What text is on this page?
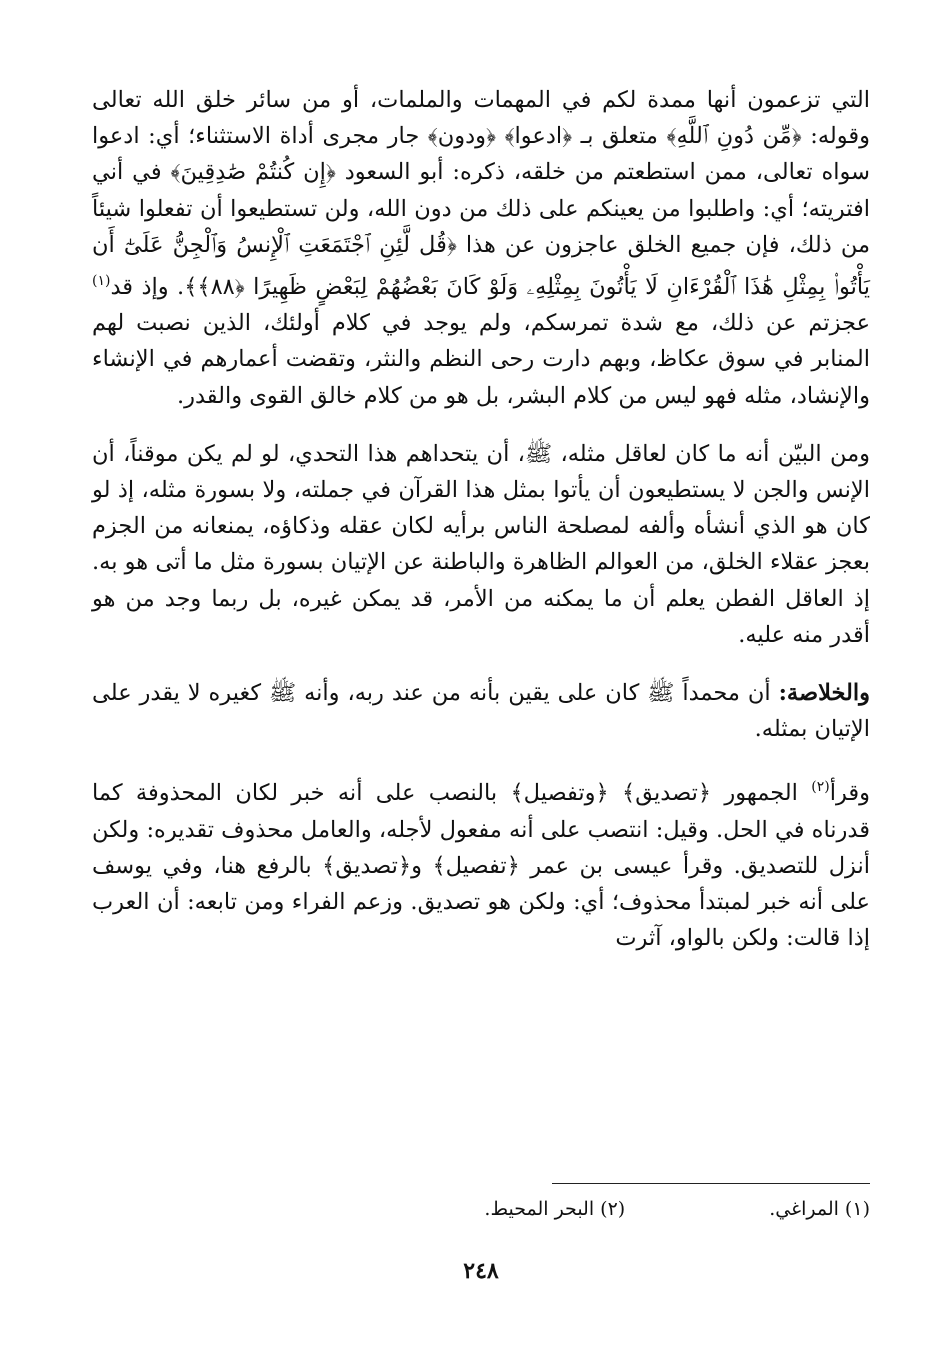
التي تزعمون أنها ممدة لكم في المهمات والملمات، أو من سائر خلق الله تعالى وقوله: ﴿مِّن دُونِ ٱللَّهِ﴾ متعلق بـ ﴿ادعوا﴾ ﴿ودون﴾ جار مجرى أداة الاستثناء؛ أي: ادعوا سواه تعالى، ممن استطعتم من خلقه، ذكره: أبو السعود ﴿إِن كُنتُمْ صَٰدِقِينَ﴾ في أني افتريته؛ أي: واطلبوا من يعينكم على ذلك من دون الله، ولن تستطيعوا أن تفعلوا شيئاً من ذلك، فإن جميع الخلق عاجزون عن هذا ﴿قُل لَّئِنِ ٱجْتَمَعَتِ ٱلْإِنسُ وَٱلْجِنُّ عَلَىٰٓ أَن يَأْتُوا۟ بِمِثْلِ هَٰذَا ٱلْقُرْءَانِ لَا يَأْتُونَ بِمِثْلِهِۦ وَلَوْ كَانَ بَعْضُهُمْ لِبَعْضٍ ظَهِيرًا ﴿٨٨﴾﴾. وإذ قد$^{(١)}$ عجزتم عن ذلك، مع شدة تمرسكم، ولم يوجد في كلام أولئك، الذين نصبت لهم المنابر في سوق عكاظ، وبهم دارت رحى النظم والنثر، وتقضت أعمارهم في الإنشاء والإنشاد، مثله فهو ليس من كلام البشر، بل هو من كلام خالق القوى والقدر.

ومن البيّن أنه ما كان لعاقل مثله، ﷺ، أن يتحداهم هذا التحدي، لو لم يكن موقناً، أن الإنس والجن لا يستطيعون أن يأتوا بمثل هذا القرآن في جملته، ولا بسورة مثله، إذ لو كان هو الذي أنشأه وألفه لمصلحة الناس برأيه لكان عقله وذكاؤه، يمنعانه من الجزم بعجز عقلاء الخلق، من العوالم الظاهرة والباطنة عن الإتيان بسورة مثل ما أتى هو به. إذ العاقل الفطن يعلم أن ما يمكنه من الأمر، قد يمكن غيره، بل ربما وجد من هو أقدر منه عليه.

والخلاصة: أن محمداً ﷺ كان على يقين بأنه من عند ربه، وأنه ﷺ كغيره لا يقدر على الإتيان بمثله.

وقرأ$^{(٢)}$ الجمهور ﴿تصديق﴾ ﴿وتفصيل﴾ بالنصب على أنه خبر لكان المحذوفة كما قدرناه في الحل. وقيل: انتصب على أنه مفعول لأجله، والعامل محذوف تقديره: ولكن أنزل للتصديق. وقرأ عيسى بن عمر ﴿تفصيل﴾ و﴿تصديق﴾ بالرفع هنا، وفي يوسف على أنه خبر لمبتدأ محذوف؛ أي: ولكن هو تصديق. وزعم الفراء ومن تابعه: أن العرب إذا قالت: ولكن بالواو، آثرت

(١) المراغي. (٢) البحر المحيط.
٢٤٨
